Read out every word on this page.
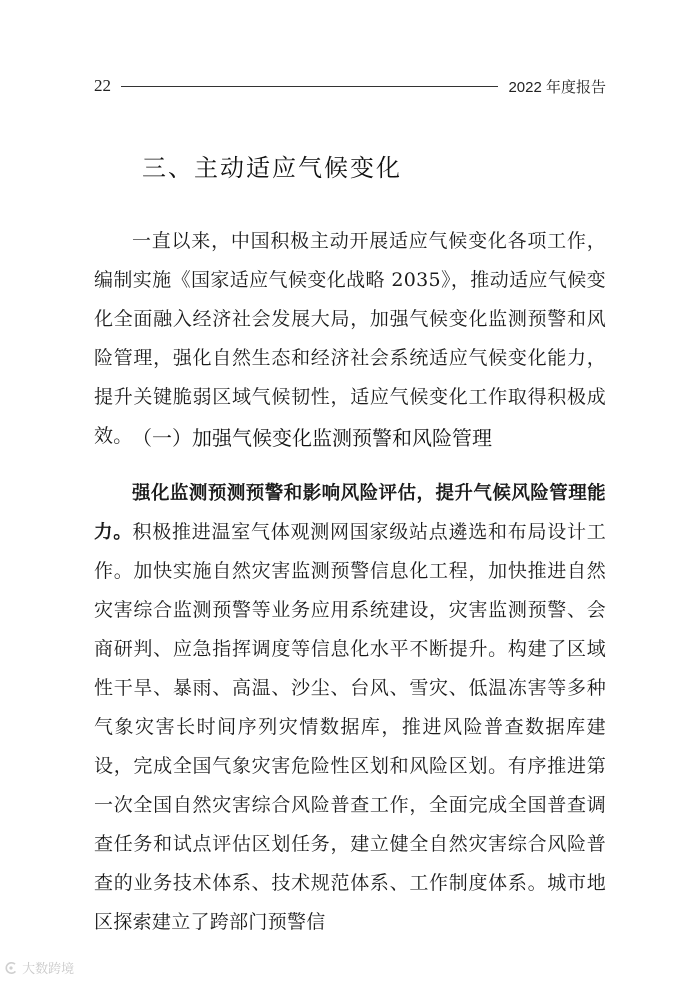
22	2022 年度报告
三、主动适应气候变化

一直以来，中国积极主动开展适应气候变化各项工作，编制实施《国家适应气候变化战略 2035》，推动适应气候变化全面融入经济社会发展大局，加强气候变化监测预警和风险管理，强化自然生态和经济社会系统适应气候变化能力，提升关键脆弱区域气候韧性，适应气候变化工作取得积极成效。 （一）加强气候变化监测预警和风险管理

强化监测预测预警和影响风险评估，提升气候风险管理能力。积极推进温室气体观测网国家级站点遴选和布局设计工作。加快实施自然灾害监测预警信息化工程，加快推进自然灾害综合监测预警等业务应用系统建设，灾害监测预警、会商研判、应急指挥调度等信息化水平不断提升。构建了区域性干旱、暴雨、高温、沙尘、台风、雪灾、低温冻害等多种气象灾害长时间序列灾情数据库，推进风险普查数据库建设，完成全国气象灾害危险性区划和风险区划。有序推进第一次全国自然灾害综合风险普查工作，全面完成全国普查调查任务和试点评估区划任务，建立健全自然灾害综合风险普查的业务技术体系、技术规范体系、工作制度体系。城市地区探索建立了跨部门预警信

大数跨境
